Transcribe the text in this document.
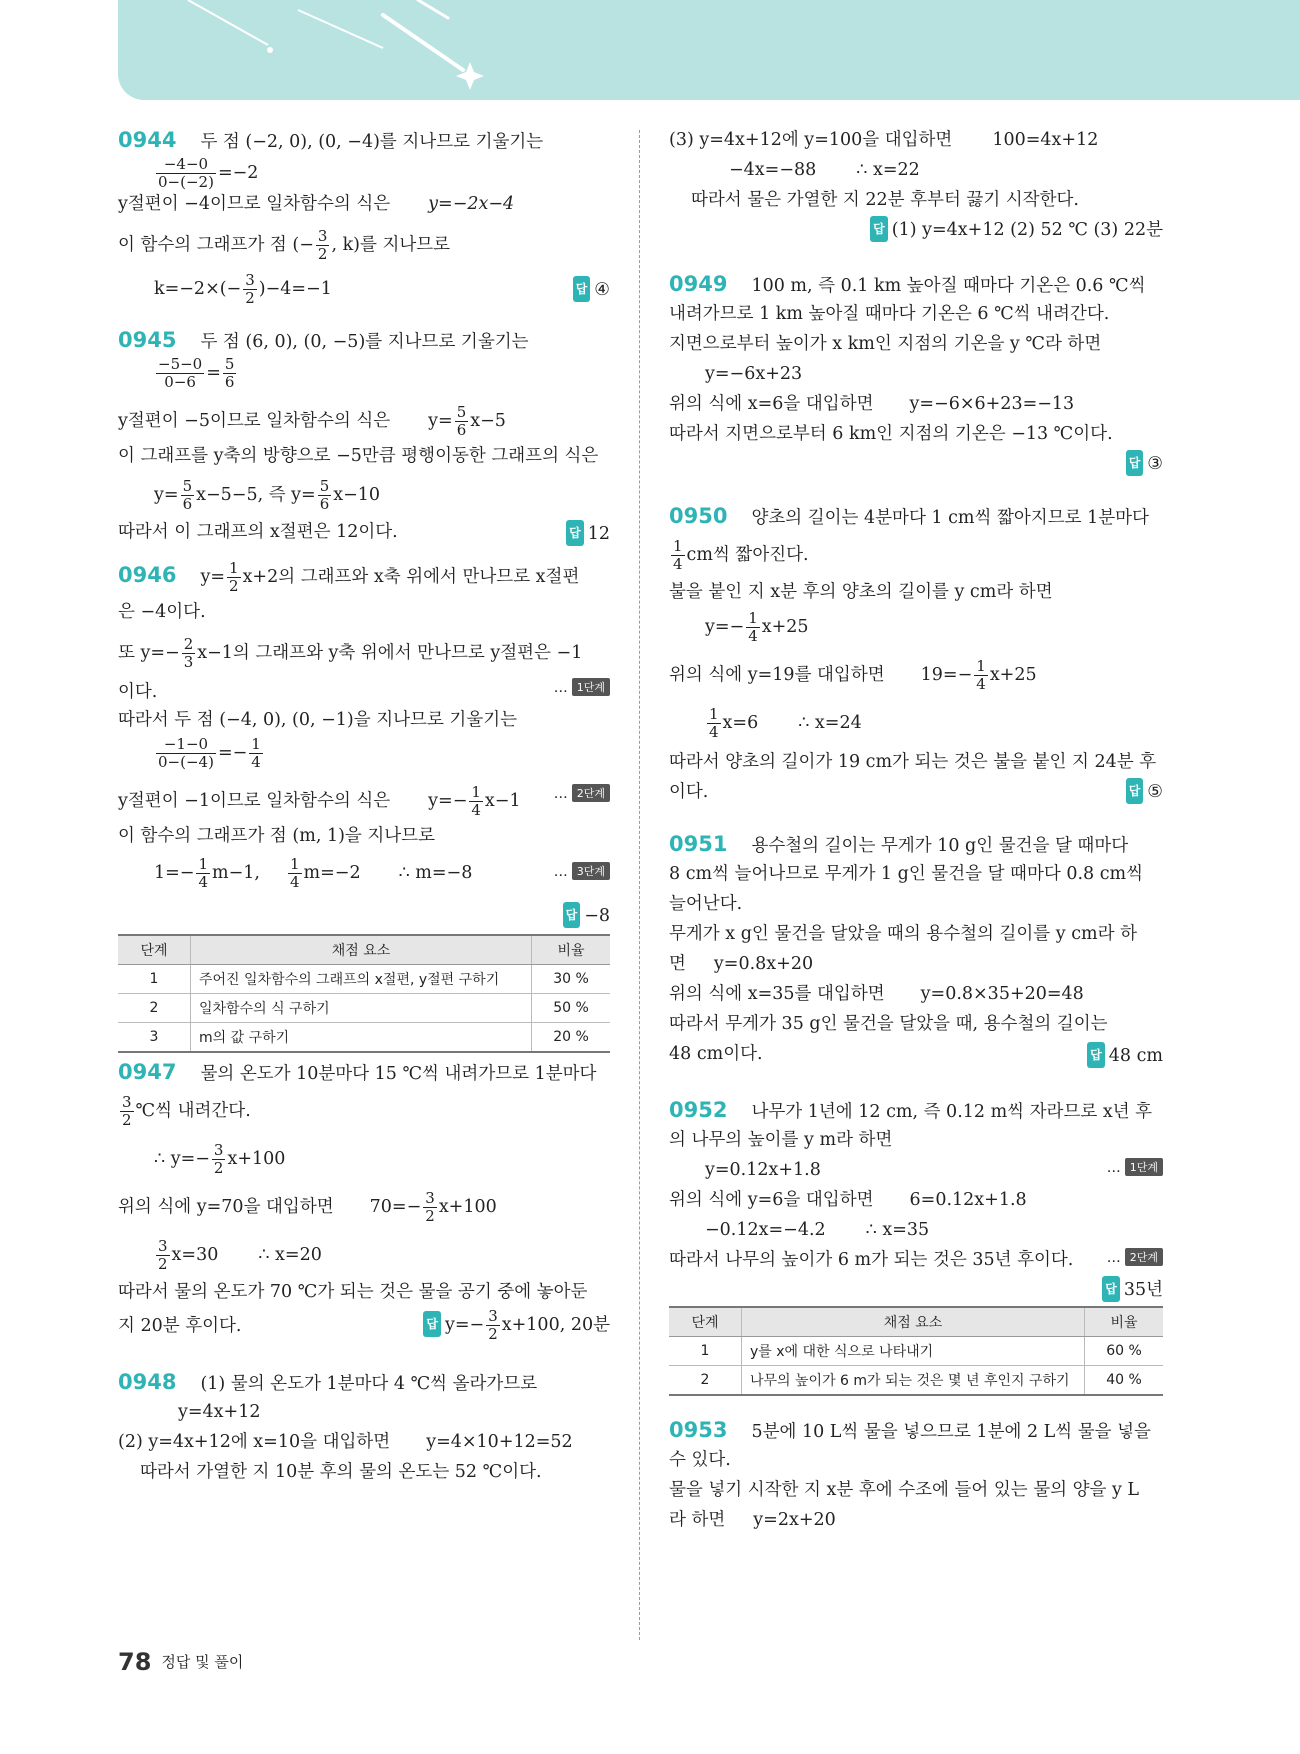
0944 두 점 (−2, 0), (0, −4)를 지나므로 기울기는
$\frac{-4-0}{0-(-2)} =-2$
y절편이 −4이므로 일차함수의 식은 y=−2x−4
이 함수의 그래프가 점 (− $\frac{3}{2}$ , k)를 지나므로
$k=-2\times(- \frac{3}{2} )-4=-1$	답 ④
0945 두 점 (6, 0), (0, −5)를 지나므로 기울기는
$\frac{-5-0}{0-6} = \frac{5}{6}$
y절편이 −5이므로 일차함수의 식은 $y= \frac{5}{6} x-5$
이 그래프를 y축의 방향으로 −5만큼 평행이동한 그래프의 식은
$y= \frac{5}{6} x-5-5$, 즉 $y= \frac{5}{6} x-10$
따라서 이 그래프의 x절편은 12이다.	답 12
0946 $y= \frac{1}{2} x+2$의 그래프와 x축 위에서 만나므로 x절편
은 −4이다.
또 $y=- \frac{2}{3} x-1$의 그래프와 y축 위에서 만나므로 y절편은 −1
이다.	… 1단계
따라서 두 점 (−4, 0), (0, −1)을 지나므로 기울기는
$\frac{-1-0}{0-(-4)} =- \frac{1}{4}$
y절편이 −1이므로 일차함수의 식은 $y=- \frac{1}{4} x-1$ … 2단계
이 함수의 그래프가 점 (m, 1)을 지나므로
$1=- \frac{1}{4} m-1$, $\frac{1}{4} m=-2$ ∴ m=−8	… 3단계
답 −8
단계	채점 요소	비율
1	주어진 일차함수의 그래프의 x절편, y절편 구하기	30 %
2	일차함수의 식 구하기	50 %
3	m의 값 구하기	20 %
0947 물의 온도가 10분마다 15 ℃씩 내려가므로 1분마다
$\frac{3}{2}$ ℃씩 내려간다.
∴ $y=- \frac{3}{2} x+100$
위의 식에 y=70을 대입하면 $70=- \frac{3}{2} x+100$
$\frac{3}{2} x=30$ ∴ x=20
따라서 물의 온도가 70 ℃가 되는 것은 물을 공기 중에 놓아둔
지 20분 후이다.	답 $y=- \frac{3}{2} x+100$, 20분
0948 (1) 물의 온도가 1분마다 4 ℃씩 올라가므로
y=4x+12
(2) y=4x+12에 x=10을 대입하면 y=4×10+12=52
따라서 가열한 지 10분 후의 물의 온도는 52 ℃이다.
(3) y=4x+12에 y=100을 대입하면 100=4x+12
−4x=−88 ∴ x=22
따라서 물은 가열한 지 22분 후부터 끓기 시작한다.
답 (1) y=4x+12 (2) 52 ℃ (3) 22분
0949 100 m, 즉 0.1 km 높아질 때마다 기온은 0.6 ℃씩
내려가므로 1 km 높아질 때마다 기온은 6 ℃씩 내려간다.
지면으로부터 높이가 x km인 지점의 기온을 y ℃라 하면
y=−6x+23
위의 식에 x=6을 대입하면 y=−6×6+23=−13
따라서 지면으로부터 6 km인 지점의 기온은 −13 ℃이다.
답 ③
0950 양초의 길이는 4분마다 1 cm씩 짧아지므로 1분마다
$\frac{1}{4}$ cm씩 짧아진다.
불을 붙인 지 x분 후의 양초의 길이를 y cm라 하면
$y=- \frac{1}{4} x+25$
위의 식에 y=19를 대입하면 $19=- \frac{1}{4} x+25$
$\frac{1}{4} x=6$ ∴ x=24
따라서 양초의 길이가 19 cm가 되는 것은 불을 붙인 지 24분 후
이다.	답 ⑤
0951 용수철의 길이는 무게가 10 g인 물건을 달 때마다
8 cm씩 늘어나므로 무게가 1 g인 물건을 달 때마다 0.8 cm씩
늘어난다.
무게가 x g인 물건을 달았을 때의 용수철의 길이를 y cm라 하
면 y=0.8x+20
위의 식에 x=35를 대입하면 y=0.8×35+20=48
따라서 무게가 35 g인 물건을 달았을 때, 용수철의 길이는
48 cm이다.	답 48 cm
0952 나무가 1년에 12 cm, 즉 0.12 m씩 자라므로 x년 후
의 나무의 높이를 y m라 하면
y=0.12x+1.8	… 1단계
위의 식에 y=6을 대입하면 6=0.12x+1.8
−0.12x=−4.2 ∴ x=35
따라서 나무의 높이가 6 m가 되는 것은 35년 후이다. … 2단계
답 35년
단계	채점 요소	비율
1	y를 x에 대한 식으로 나타내기	60 %
2	나무의 높이가 6 m가 되는 것은 몇 년 후인지 구하기	40 %
0953 5분에 10 L씩 물을 넣으므로 1분에 2 L씩 물을 넣을
수 있다.
물을 넣기 시작한 지 x분 후에 수조에 들어 있는 물의 양을 y L
라 하면 y=2x+20
78 정답 및 풀이
